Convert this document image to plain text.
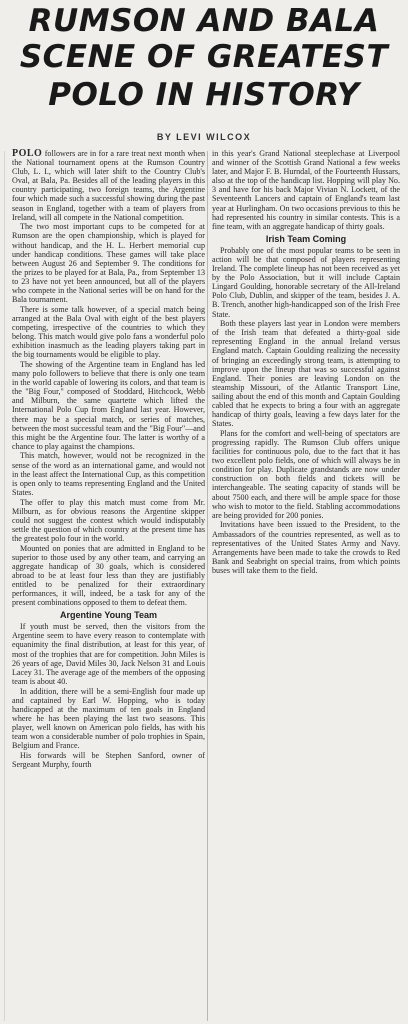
RUMSON AND BALA
SCENE OF GREATEST
POLO IN HISTORY
BY LEVI WILCOX

POLO followers are in for a rare treat next month when the National tournament opens at the Rumson Country Club, L. I., which will later shift to the Country Club's Oval, at Bala, Pa. Besides all of the leading players in this country participating, two foreign teams, the Argentine four which made such a successful showing during the past season in England, together with a team of players from Ireland, will all compete in the National competition.

The two most important cups to be competed for at Rumson are the open championship, which is played for without handicap, and the H. L. Herbert memorial cup under handicap conditions. These games will take place between August 26 and September 9. The conditions for the prizes to be played for at Bala, Pa., from September 13 to 23 have not yet been announced, but all of the players who compete in the National series will be on hand for the Bala tournament.

There is some talk however, of a special match being arranged at the Bala Oval with eight of the best players competing, irrespective of the countries to which they belong. This match would give polo fans a wonderful polo exhibition inasmuch as the leading players taking part in the big tournaments would be eligible to play.

The showing of the Argentine team in England has led many polo followers to believe that there is only one team in the world capable of lowering its colors, and that team is the "Big Four," composed of Stoddard, Hitchcock, Webb and Milburn, the same quartette which lifted the International Polo Cup from England last year. However, there may be a special match, or series of matches, between the most successful team and the "Big Four"—and this might be the Argentine four. The latter is worthy of a chance to play against the champions.

This match, however, would not be recognized in the sense of the word as an international game, and would not in the least affect the International Cup, as this competition is open only to teams representing England and the United States.

The offer to play this match must come from Mr. Milburn, as for obvious reasons the Argentine skipper could not suggest the contest which would indisputably settle the question of which country at the present time has the greatest polo four in the world.

Mounted on ponies that are admitted in England to be superior to those used by any other team, and carrying an aggregate handicap of 30 goals, which is considered abroad to be at least four less than they are justifiably entitled to be penalized for their extraordinary performances, it will, indeed, be a task for any of the present combinations opposed to them to defeat them.

Argentine Young Team

If youth must be served, then the visitors from the Argentine seem to have every reason to contemplate with equanimity the final distribution, at least for this year, of most of the trophies that are for competition. John Miles is 26 years of age, David Miles 30, Jack Nelson 31 and Louis Lacey 31. The average age of the members of the opposing team is about 40.

In addition, there will be a semi-English four made up and captained by Earl W. Hopping, who is today handicapped at the maximum of ten goals in England where he has been playing the last two seasons. This player, well known on American polo fields, has with his team won a considerable number of polo trophies in Spain, Belgium and France.

His forwards will be Stephen Sanford, owner of Sergeant Murphy, fourth

in this year's Grand National steeplechase at Liverpool and winner of the Scottish Grand National a few weeks later, and Major F. B. Hurndal, of the Fourteenth Hussars, also at the top of the handicap list. Hopping will play No. 3 and have for his back Major Vivian N. Lockett, of the Seventeenth Lancers and captain of England's team last year at Hurlingham. On two occasions previous to this he had represented his country in similar contests. This is a fine team, with an aggregate handicap of thirty goals.

Irish Team Coming

Probably one of the most popular teams to be seen in action will be that composed of players representing Ireland. The complete lineup has not been received as yet by the Polo Association, but it will include Captain Lingard Goulding, honorable secretary of the All-Ireland Polo Club, Dublin, and skipper of the team, besides J. A. B. Trench, another high-handicapped son of the Irish Free State.

Both these players last year in London were members of the Irish team that defeated a thirty-goal side representing England in the annual Ireland versus England match. Captain Goulding realizing the necessity of bringing an exceedingly strong team, is attempting to improve upon the lineup that was so successful against England. Their ponies are leaving London on the steamship Missouri, of the Atlantic Transport Line, sailing about the end of this month and Captain Goulding cabled that he expects to bring a four with an aggregate handicap of thirty goals, leaving a few days later for the States.

Plans for the comfort and well-being of spectators are progressing rapidly. The Rumson Club offers unique facilities for continuous polo, due to the fact that it has two excellent polo fields, one of which will always be in condition for play. Duplicate grandstands are now under construction on both fields and tickets will be interchangeable. The seating capacity of stands will be about 7500 each, and there will be ample space for those who wish to motor to the field. Stabling accommodations are being provided for 200 ponies.

Invitations have been issued to the President, to the Ambassadors of the countries represented, as well as to representatives of the United States Army and Navy. Arrangements have been made to take the crowds to Red Bank and Seabright on special trains, from which points buses will take them to the field.
